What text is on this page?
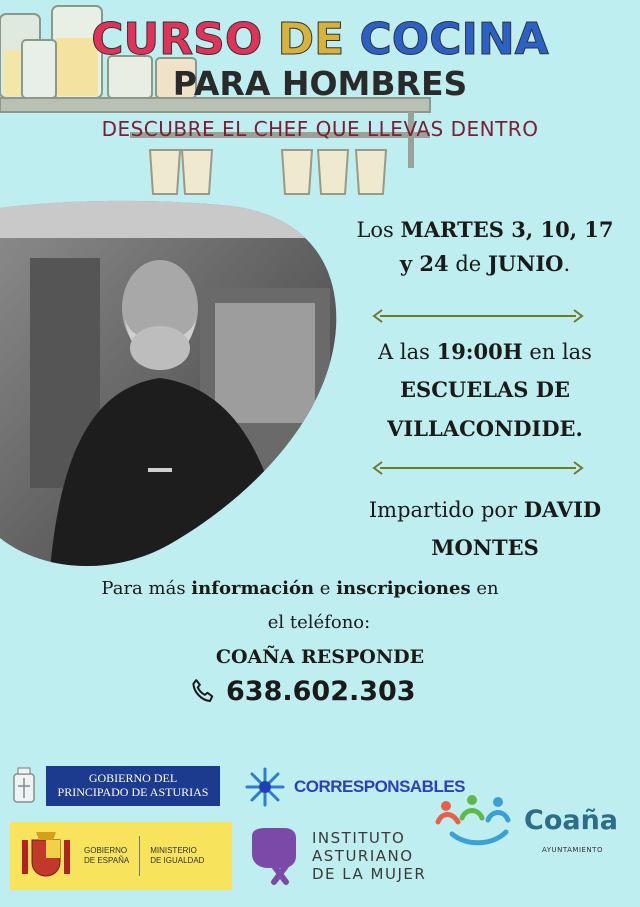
CURSO DE COCINA
PARA HOMBRES
DESCUBRE EL CHEF QUE LLEVAS DENTRO
Los MARTES 3, 10, 17
y 24 de JUNIO.
A las 19:00H en las
ESCUELAS DE
VILLACONDIDE.
Impartido por DAVID
MONTES
Para más información e inscripciones en
el teléfono:
COAÑA RESPONDE
638.602.303
GOBIERNO DEL
PRINCIPADO DE ASTURIAS
GOBIERNO
DE ESPAÑA
MINISTERIO
DE IGUALDAD
CORRESPONSABLES
INSTITUTO
ASTURIANO
DE LA MUJER
Coaña
AYUNTAMIENTO
